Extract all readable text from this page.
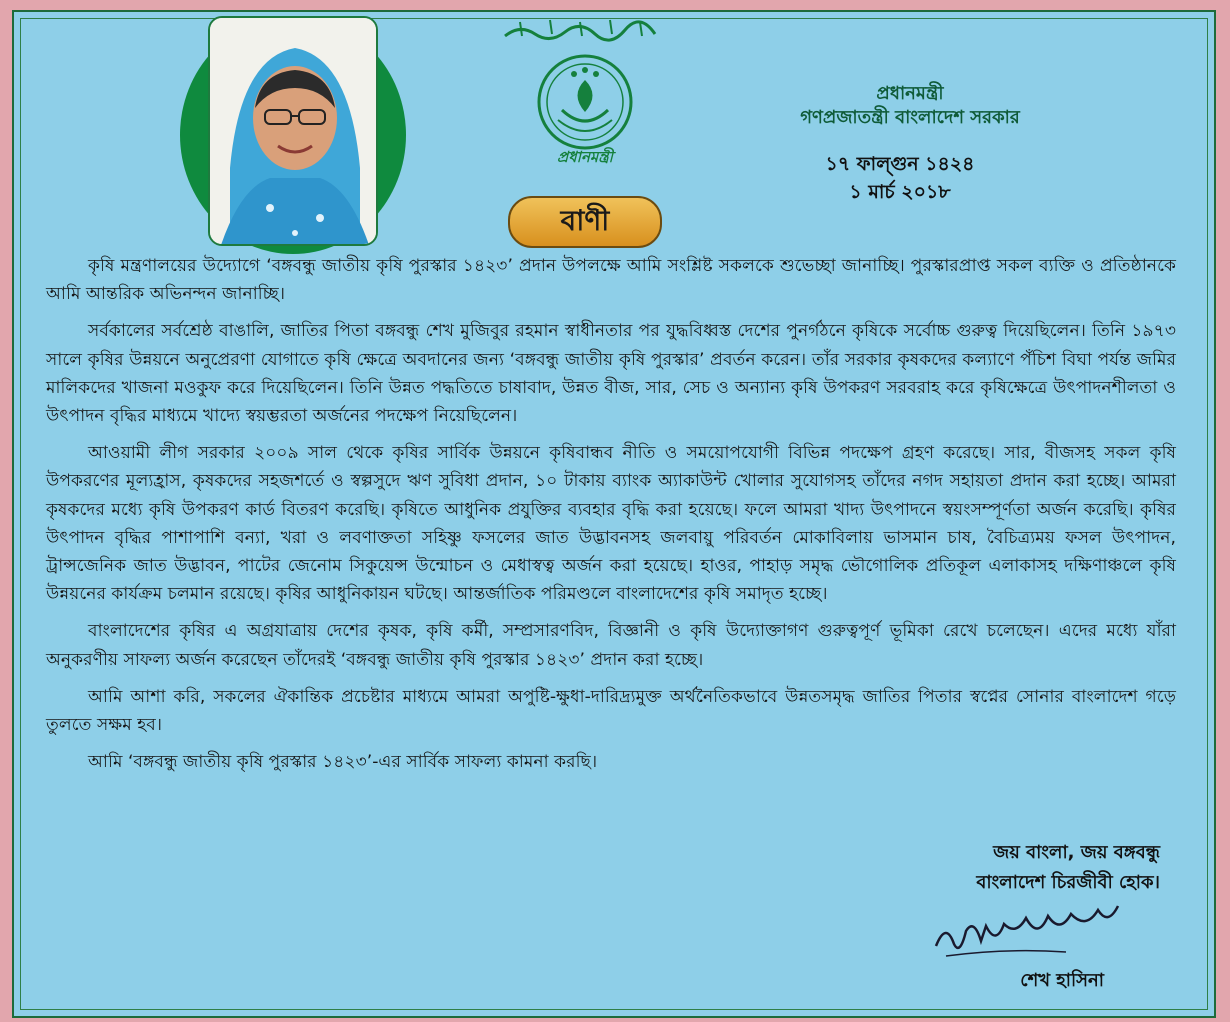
প্রধানমন্ত্রী
বাণী
প্রধানমন্ত্রী
গণপ্রজাতন্ত্রী বাংলাদেশ সরকার
১৭ ফাল্গুন ১৪২৪
১ মার্চ ২০১৮

কৃষি মন্ত্রণালয়ের উদ্যোগে ‘বঙ্গবন্ধু জাতীয় কৃষি পুরস্কার ১৪২৩’ প্রদান উপলক্ষে আমি সংশ্লিষ্ট সকলকে শুভেচ্ছা জানাচ্ছি। পুরস্কারপ্রাপ্ত সকল ব্যক্তি ও প্রতিষ্ঠানকে আমি আন্তরিক অভিনন্দন জানাচ্ছি।

সর্বকালের সর্বশ্রেষ্ঠ বাঙালি, জাতির পিতা বঙ্গবন্ধু শেখ মুজিবুর রহমান স্বাধীনতার পর যুদ্ধবিধ্বস্ত দেশের পুনর্গঠনে কৃষিকে সর্বোচ্চ গুরুত্ব দিয়েছিলেন। তিনি ১৯৭৩ সালে কৃষির উন্নয়নে অনুপ্রেরণা যোগাতে কৃষি ক্ষেত্রে অবদানের জন্য ‘বঙ্গবন্ধু জাতীয় কৃষি পুরস্কার’ প্রবর্তন করেন। তাঁর সরকার কৃষকদের কল্যাণে পঁচিশ বিঘা পর্যন্ত জমির মালিকদের খাজনা মওকুফ করে দিয়েছিলেন। তিনি উন্নত পদ্ধতিতে চাষাবাদ, উন্নত বীজ, সার, সেচ ও অন্যান্য কৃষি উপকরণ সরবরাহ করে কৃষিক্ষেত্রে উৎপাদনশীলতা ও উৎপাদন বৃদ্ধির মাধ্যমে খাদ্যে স্বয়ম্ভরতা অর্জনের পদক্ষেপ নিয়েছিলেন।

আওয়ামী লীগ সরকার ২০০৯ সাল থেকে কৃষির সার্বিক উন্নয়নে কৃষিবান্ধব নীতি ও সময়োপযোগী বিভিন্ন পদক্ষেপ গ্রহণ করেছে। সার, বীজসহ সকল কৃষি উপকরণের মূল্যহ্রাস, কৃষকদের সহজশর্তে ও স্বল্পসুদে ঋণ সুবিধা প্রদান, ১০ টাকায় ব্যাংক অ্যাকাউন্ট খোলার সুযোগসহ তাঁদের নগদ সহায়তা প্রদান করা হচ্ছে। আমরা কৃষকদের মধ্যে কৃষি উপকরণ কার্ড বিতরণ করেছি। কৃষিতে আধুনিক প্রযুক্তির ব্যবহার বৃদ্ধি করা হয়েছে। ফলে আমরা খাদ্য উৎপাদনে স্বয়ংসম্পূর্ণতা অর্জন করেছি। কৃষির উৎপাদন বৃদ্ধির পাশাপাশি বন্যা, খরা ও লবণাক্ততা সহিষ্ণু ফসলের জাত উদ্ভাবনসহ জলবায়ু পরিবর্তন মোকাবিলায় ভাসমান চাষ, বৈচিত্র্যময় ফসল উৎপাদন, ট্রান্সজেনিক জাত উদ্ভাবন, পাটের জেনোম সিকুয়েন্স উন্মোচন ও মেধাস্বত্ব অর্জন করা হয়েছে। হাওর, পাহাড় সমৃদ্ধ ভৌগোলিক প্রতিকূল এলাকাসহ দক্ষিণাঞ্চলে কৃষি উন্নয়নের কার্যক্রম চলমান রয়েছে। কৃষির আধুনিকায়ন ঘটছে। আন্তর্জাতিক পরিমণ্ডলে বাংলাদেশের কৃষি সমাদৃত হচ্ছে।

বাংলাদেশের কৃষির এ অগ্রযাত্রায় দেশের কৃষক, কৃষি কর্মী, সম্প্রসারণবিদ, বিজ্ঞানী ও কৃষি উদ্যোক্তাগণ গুরুত্বপূর্ণ ভূমিকা রেখে চলেছেন। এদের মধ্যে যাঁরা অনুকরণীয় সাফল্য অর্জন করেছেন তাঁদেরই ‘বঙ্গবন্ধু জাতীয় কৃষি পুরস্কার ১৪২৩’ প্রদান করা হচ্ছে।

আমি আশা করি, সকলের ঐকান্তিক প্রচেষ্টার মাধ্যমে আমরা অপুষ্টি-ক্ষুধা-দারিদ্র্যমুক্ত অর্থনৈতিকভাবে উন্নতসমৃদ্ধ জাতির পিতার স্বপ্নের সোনার বাংলাদেশ গড়ে তুলতে সক্ষম হব।

আমি ‘বঙ্গবন্ধু জাতীয় কৃষি পুরস্কার ১৪২৩’-এর সার্বিক সাফল্য কামনা করছি।

জয় বাংলা, জয় বঙ্গবন্ধু
বাংলাদেশ চিরজীবী হোক।
শেখ হাসিনা
